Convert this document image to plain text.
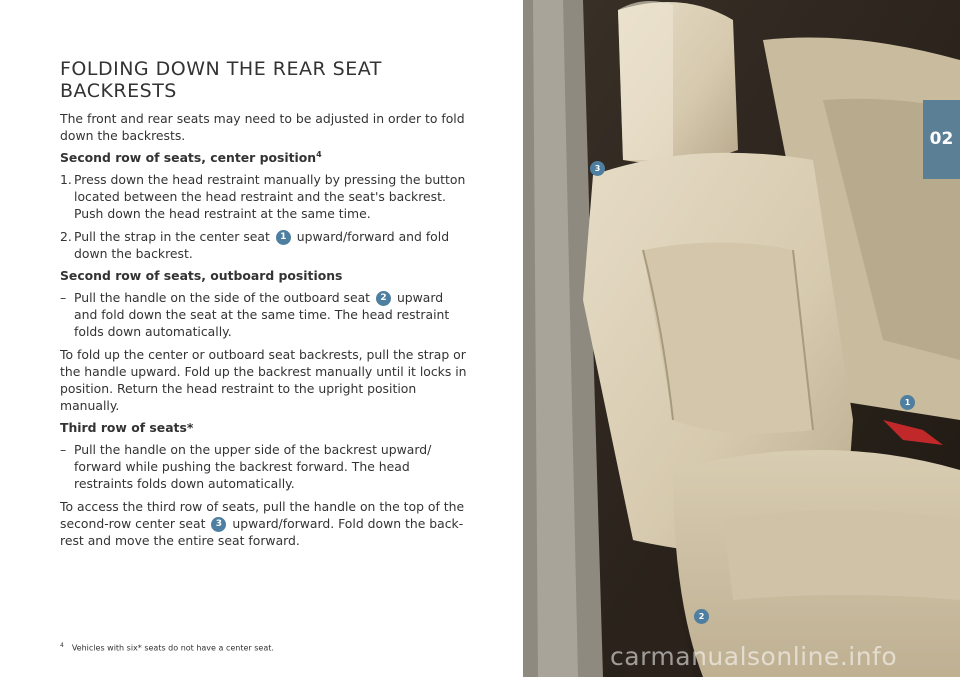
FOLDING DOWN THE REAR SEAT BACKRESTS

The front and rear seats may need to be adjusted in order to fold down the backrests.

Second row of seats, center position$^4$
1. Press down the head restraint manually by pressing the button located between the head restraint and the seat's backrest. Push down the head restraint at the same time.
2. Pull the strap in the center seat 1 upward/forward and fold down the backrest.
Second row of seats, outboard positions
– Pull the handle on the side of the outboard seat 2 upward and fold down the seat at the same time. The head restraint folds down automatically.

To fold up the center or outboard seat backrests, pull the strap or the handle upward. Fold up the backrest manually until it locks in position. Return the head restraint to the upright position manually.

Third row of seats*
– Pull the handle on the upper side of the backrest upward/ forward while pushing the backrest forward. The head restraints folds down automatically.

To access the third row of seats, pull the handle on the top of the second-row center seat 3 upward/forward. Fold down the back- rest and move the entire seat forward.

$^4$ Vehicles with six* seats do not have a center seat.
3
1
2
02
carmanualsonline.info
